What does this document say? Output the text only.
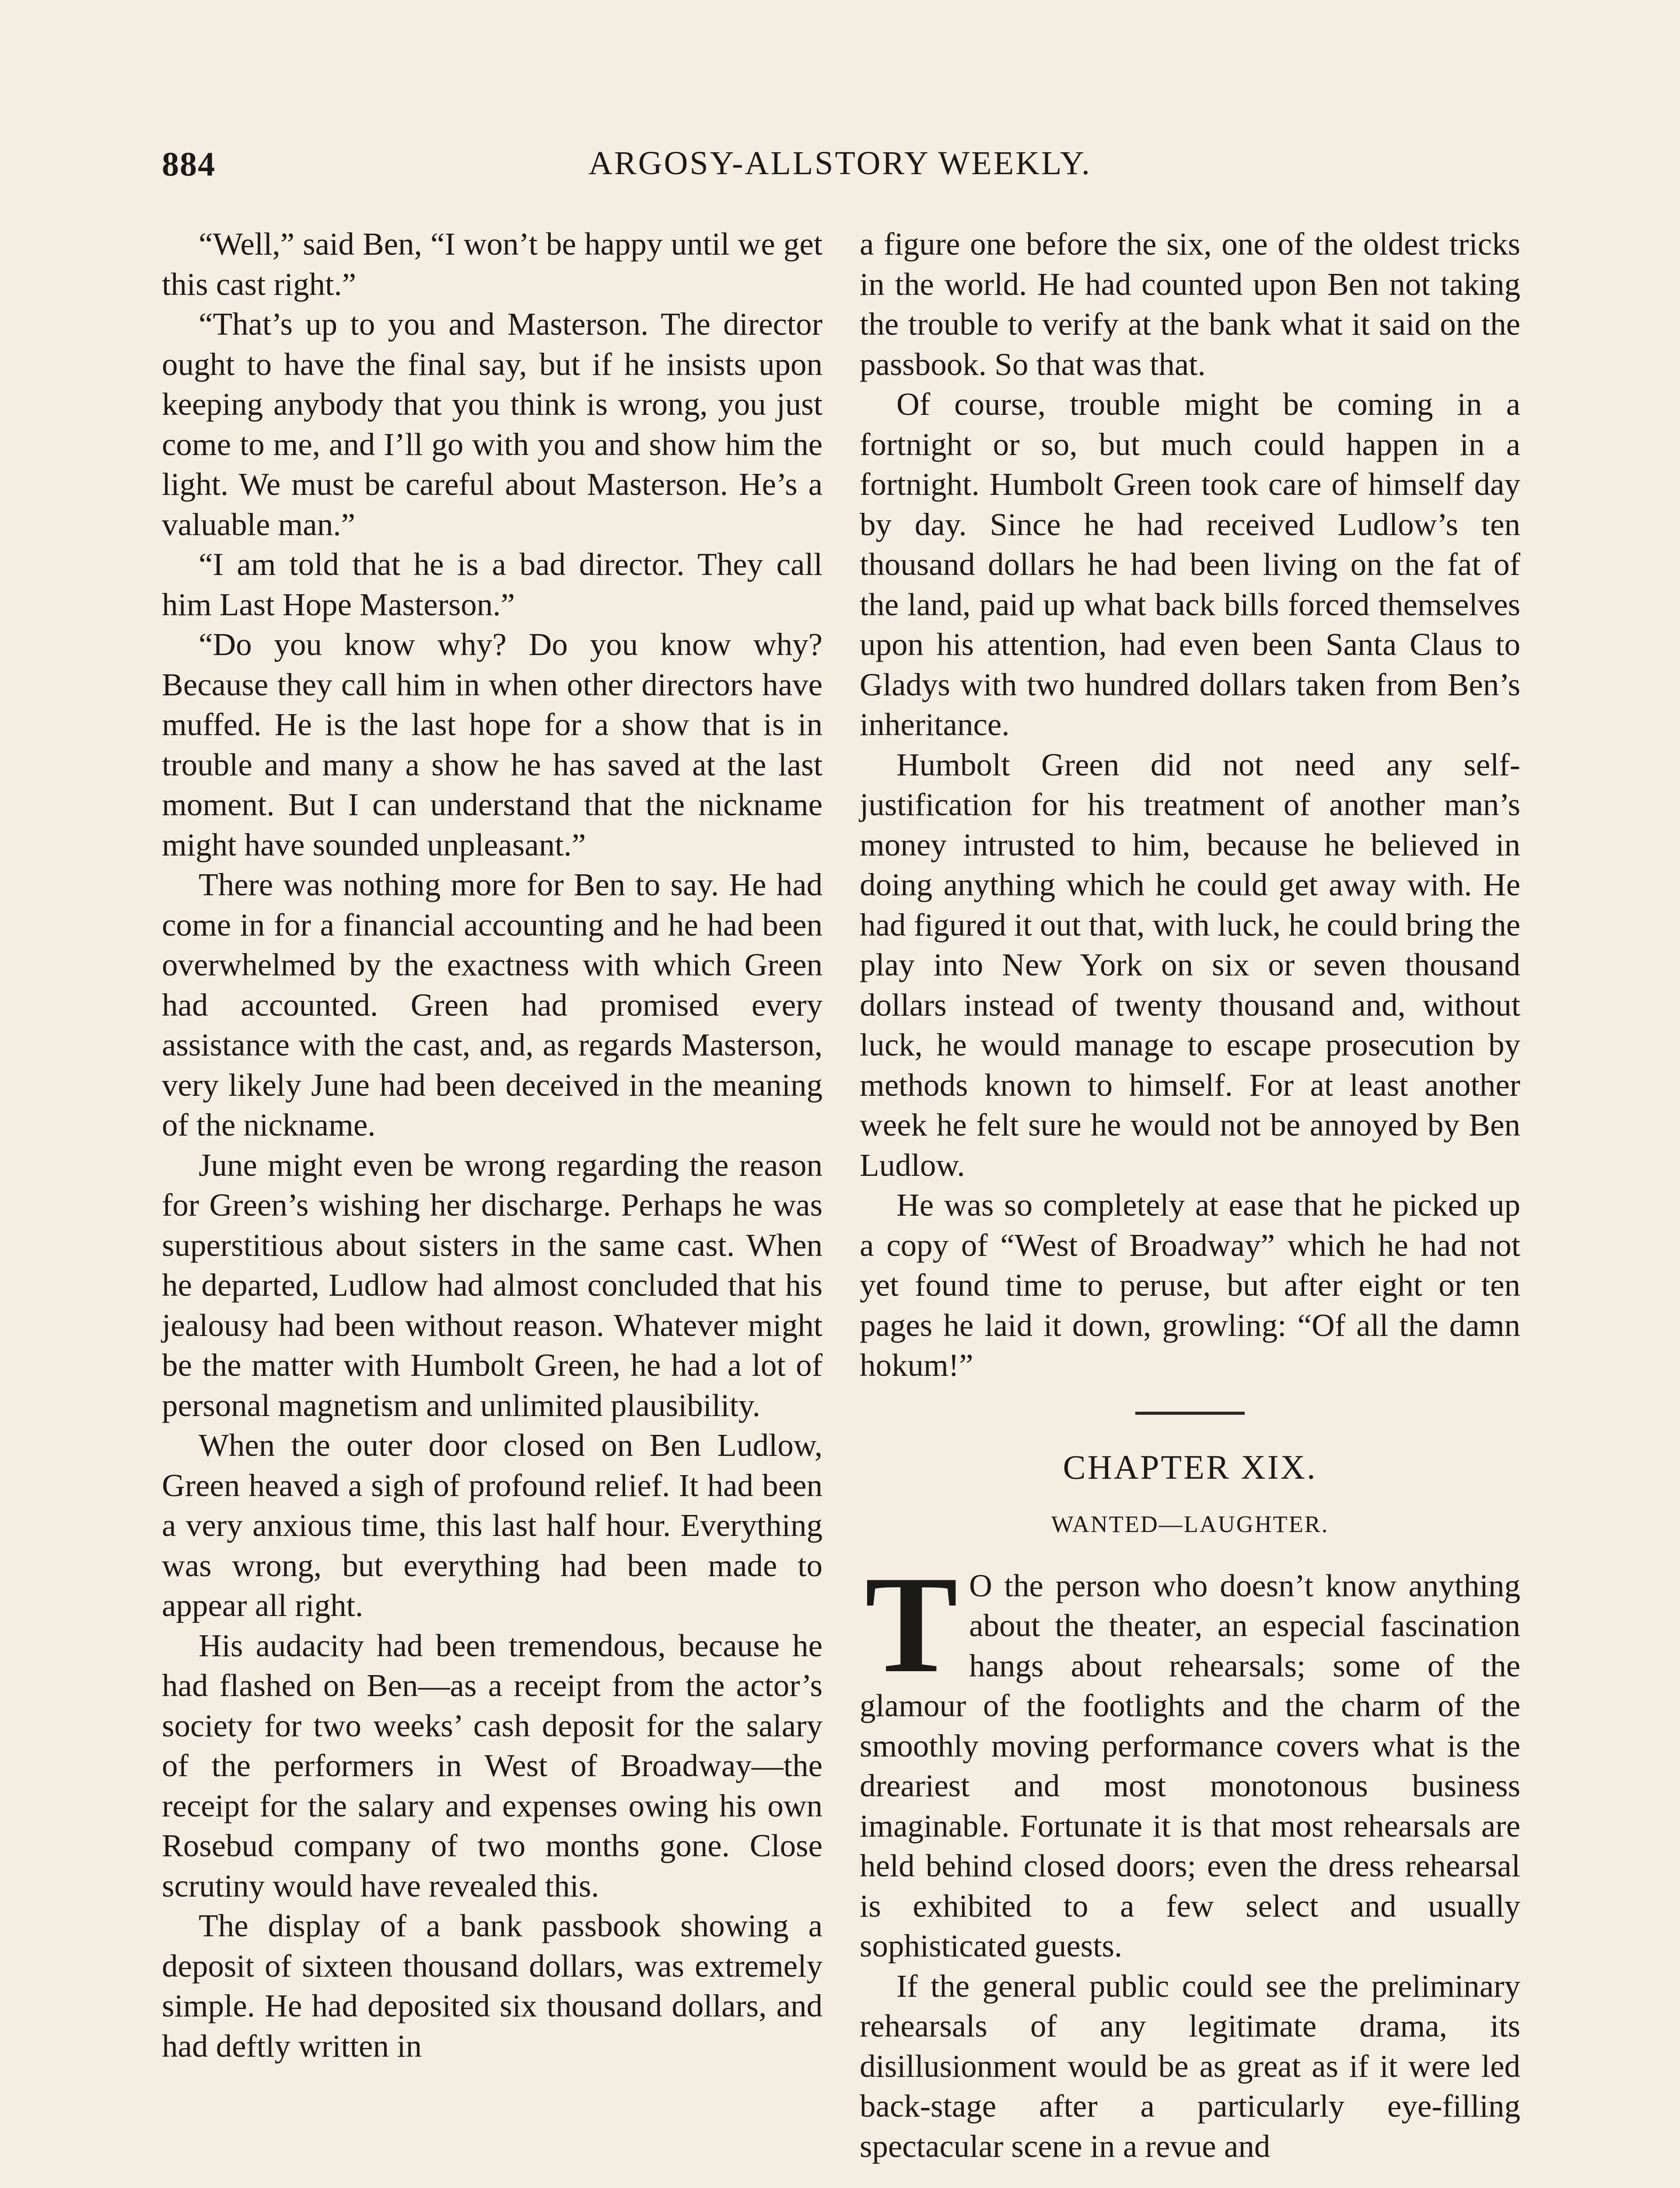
884	ARGOSY-ALLSTORY WEEKLY.

“Well,” said Ben, “I won’t be happy until we get this cast right.”

“That’s up to you and Masterson. The director ought to have the final say, but if he insists upon keeping anybody that you think is wrong, you just come to me, and I’ll go with you and show him the light. We must be careful about Masterson. He’s a valuable man.”

“I am told that he is a bad director. They call him Last Hope Masterson.”

“Do you know why? Do you know why? Because they call him in when other directors have muffed. He is the last hope for a show that is in trouble and many a show he has saved at the last moment. But I can understand that the nickname might have sounded unpleasant.”

There was nothing more for Ben to say. He had come in for a financial accounting and he had been overwhelmed by the exactness with which Green had accounted. Green had promised every assistance with the cast, and, as regards Masterson, very likely June had been deceived in the meaning of the nickname.

June might even be wrong regarding the reason for Green’s wishing her discharge. Perhaps he was superstitious about sisters in the same cast. When he departed, Ludlow had almost concluded that his jealousy had been without reason. Whatever might be the matter with Humbolt Green, he had a lot of personal magnetism and unlimited plausibility.

When the outer door closed on Ben Ludlow, Green heaved a sigh of profound relief. It had been a very anxious time, this last half hour. Everything was wrong, but everything had been made to appear all right.

His audacity had been tremendous, because he had flashed on Ben—as a receipt from the actor’s society for two weeks’ cash deposit for the salary of the performers in West of Broadway—the receipt for the salary and expenses owing his own Rosebud company of two months gone. Close scrutiny would have revealed this.

The display of a bank passbook showing a deposit of sixteen thousand dollars, was extremely simple. He had deposited six thousand dollars, and had deftly written in

a figure one before the six, one of the oldest tricks in the world. He had counted upon Ben not taking the trouble to verify at the bank what it said on the passbook. So that was that.

Of course, trouble might be coming in a fortnight or so, but much could happen in a fortnight. Humbolt Green took care of himself day by day. Since he had received Ludlow’s ten thousand dollars he had been living on the fat of the land, paid up what back bills forced themselves upon his attention, had even been Santa Claus to Gladys with two hundred dollars taken from Ben’s inheritance.

Humbolt Green did not need any self-justification for his treatment of another man’s money intrusted to him, because he believed in doing anything which he could get away with. He had figured it out that, with luck, he could bring the play into New York on six or seven thousand dollars instead of twenty thousand and, without luck, he would manage to escape prosecution by methods known to himself. For at least another week he felt sure he would not be annoyed by Ben Ludlow.

He was so completely at ease that he picked up a copy of “West of Broadway” which he had not yet found time to peruse, but after eight or ten pages he laid it down, growling: “Of all the damn hokum!”

CHAPTER XIX.
WANTED—LAUGHTER.

T O the person who doesn’t know anything about the theater, an especial fascination hangs about rehearsals; some of the glamour of the footlights and the charm of the smoothly moving performance covers what is the dreariest and most monotonous business imaginable. Fortunate it is that most rehearsals are held behind closed doors; even the dress rehearsal is exhibited to a few select and usually sophisticated guests.

If the general public could see the preliminary rehearsals of any legitimate drama, its disillusionment would be as great as if it were led back-stage after a particularly eye-filling spectacular scene in a revue and
